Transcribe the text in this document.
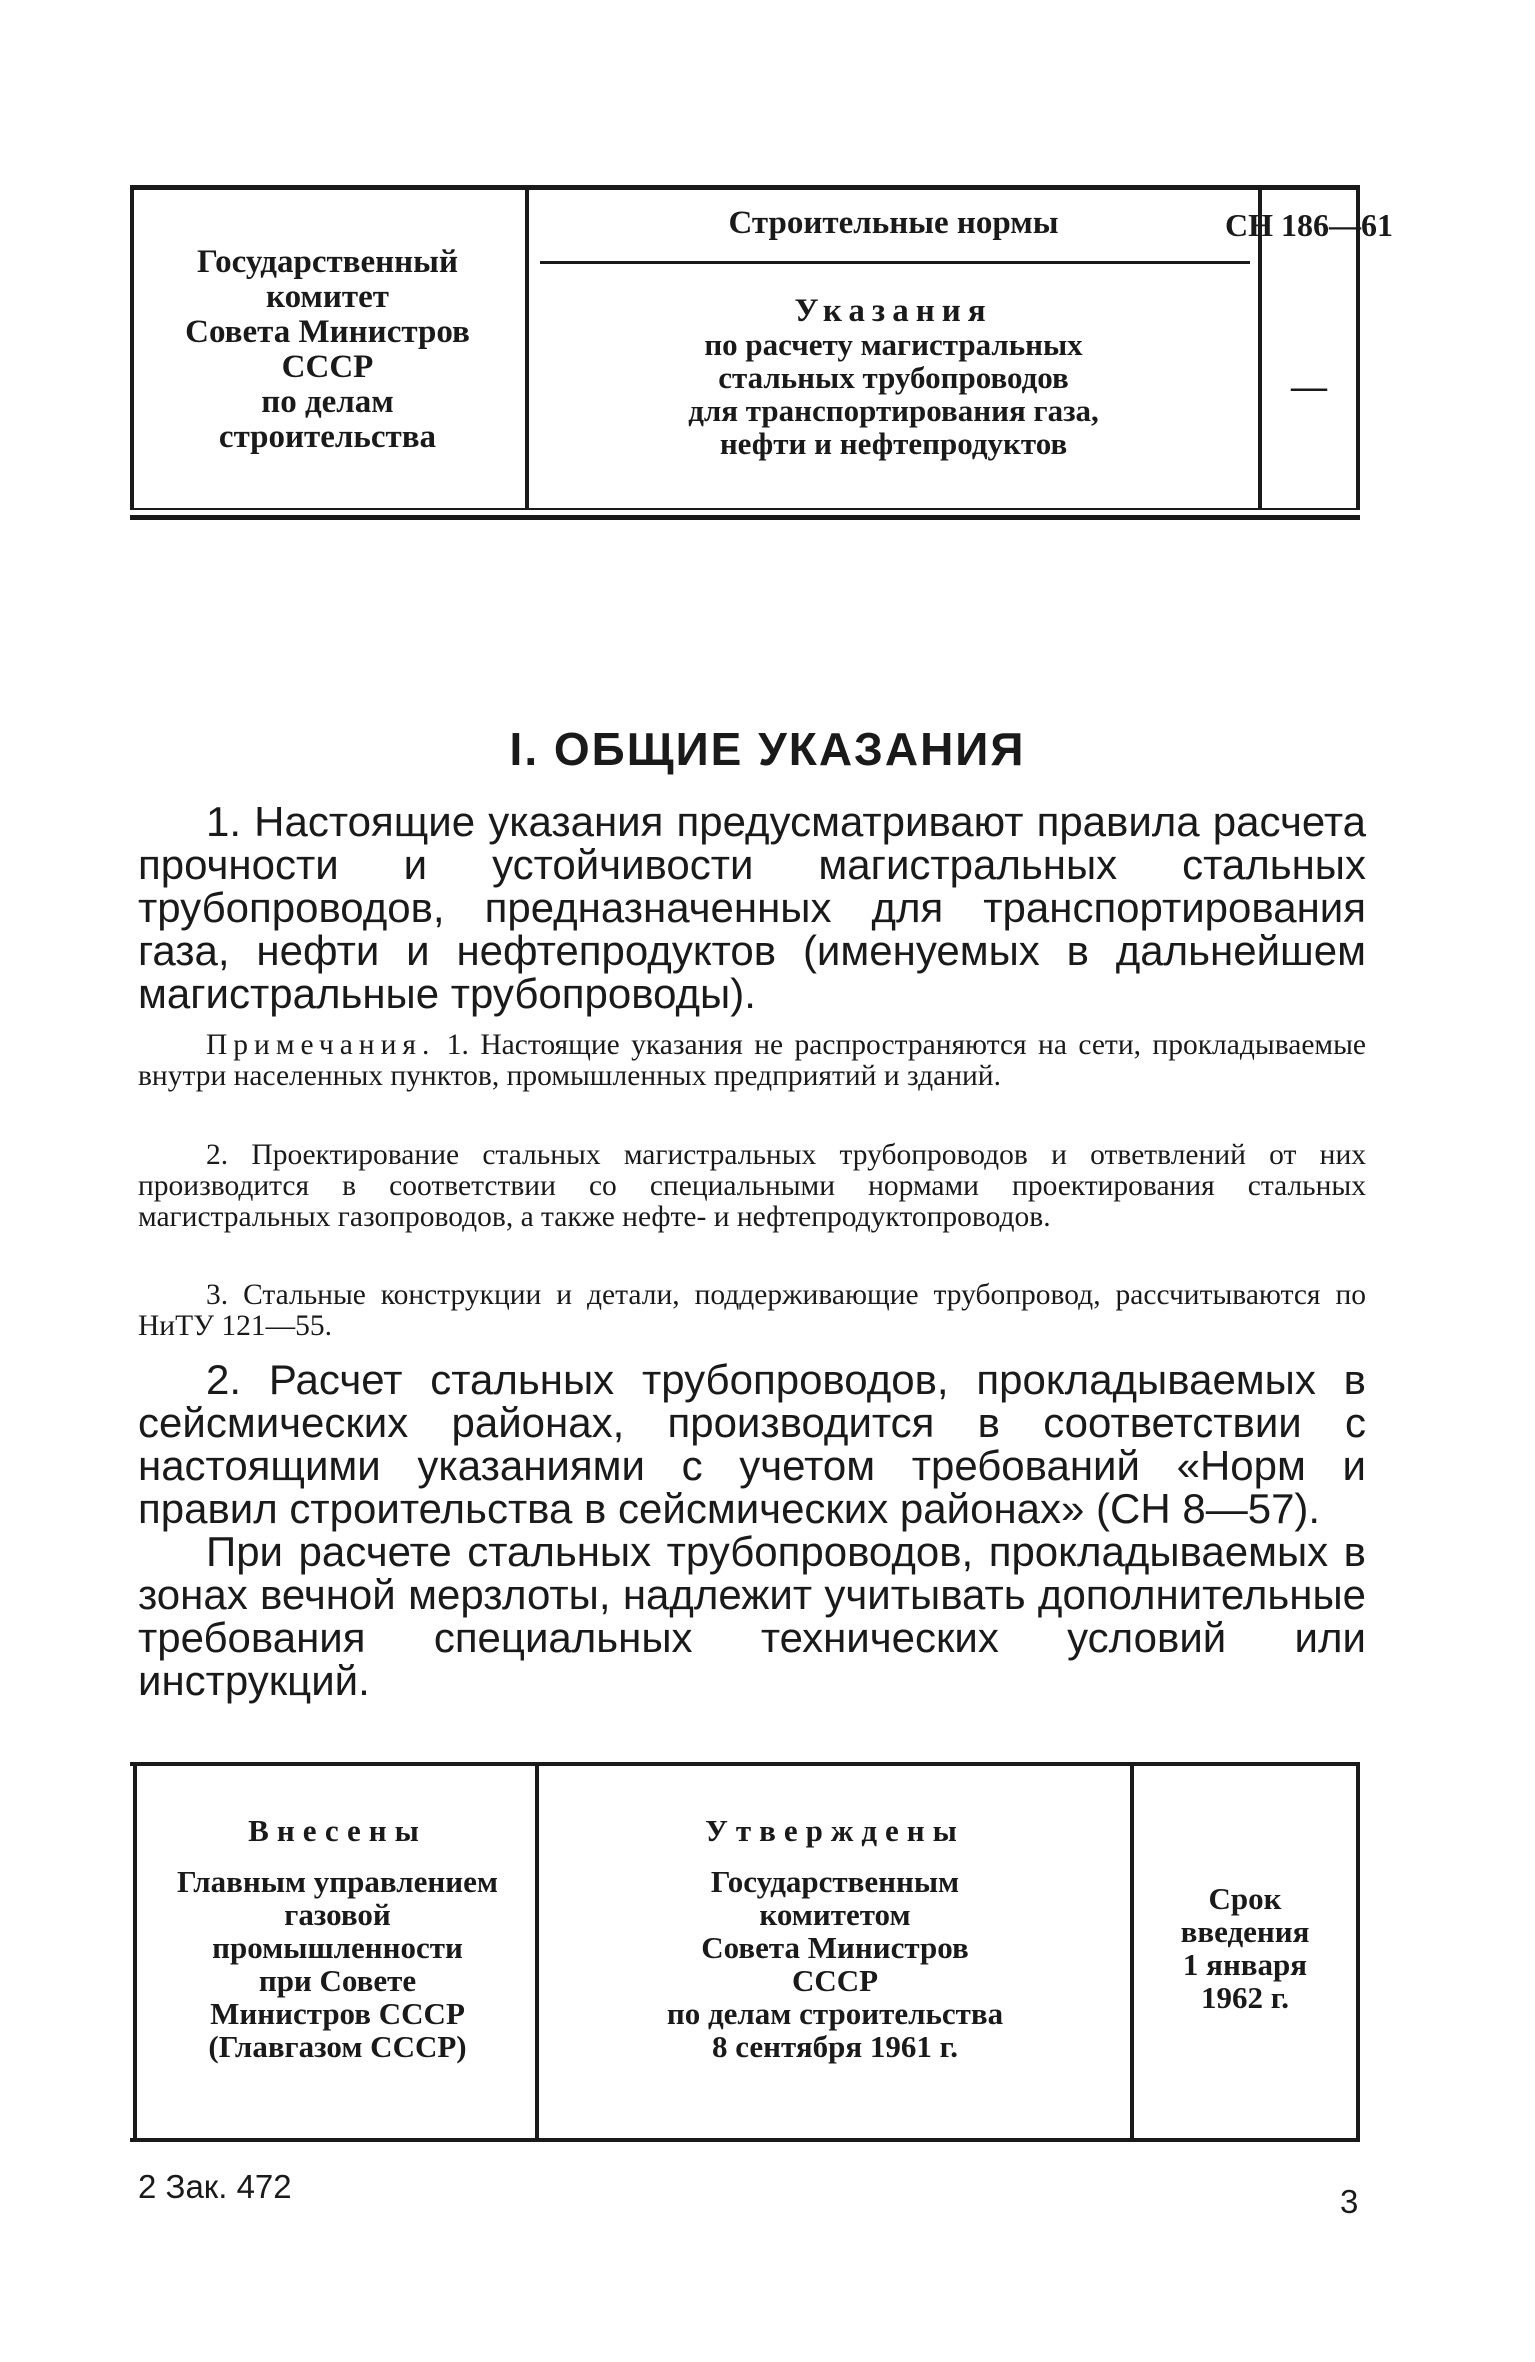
Государственный
комитет
Совета Министров
СССР
по делам
строительства
Строительные нормы
Указания
по расчету магистральных
стальных трубопроводов
для транспортирования газа,
нефти и нефтепродуктов
СН 186—61
—
I. ОБЩИЕ УКАЗАНИЯ
1. Настоящие указания предусматривают правила расчета прочности и устойчивости магистральных стальных трубопроводов, предназначенных для транспортирования газа, нефти и нефтепродуктов (именуемых в дальнейшем магистральные трубопроводы).
Примечания. 1. Настоящие указания не распространяются на сети, прокладываемые внутри населенных пунктов, промышленных предприятий и зданий.
2. Проектирование стальных магистральных трубопроводов и ответвлений от них производится в соответствии со специальными нормами проектирования стальных магистральных газопроводов, а также нефте- и нефтепродуктопроводов.
3. Стальные конструкции и детали, поддерживающие трубопровод, рассчитываются по НиТУ 121—55.
2. Расчет стальных трубопроводов, прокладываемых в сейсмических районах, производится в соответствии с настоящими указаниями с учетом требований «Норм и правил строительства в сейсмических районах» (СН 8—57).
При расчете стальных трубопроводов, прокладываемых в зонах вечной мерзлоты, надлежит учитывать дополнительные требования специальных технических условий или инструкций.
Внесены
Главным управлением
газовой
промышленности
при Совете
Министров СССР
(Главгазом СССР)
Утверждены
Государственным
комитетом
Совета Министров
СССР
по делам строительства
8 сентября 1961 г.
Срок
введения
1 января
1962 г.
2 Зак. 472	3
